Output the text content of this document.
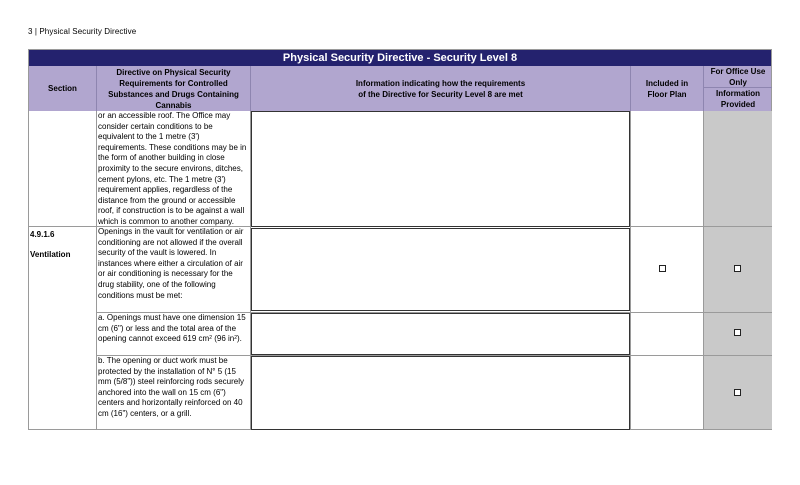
3 | Physical Security Directive
Physical Security Directive - Security Level 8
Section
Directive on Physical Security Requirements for Controlled Substances and Drugs Containing Cannabis
Information indicating how the requirements of the Directive for Security Level 8 are met
Included in Floor Plan
For Office Use Only
Information Provided
4.9.1.6
Ventilation
or an accessible roof. The Office may
consider certain conditions to be
equivalent to the 1 metre (3')
requirements. These conditions may be in
the form of another building in close
proximity to the secure environs, ditches,
cement pylons, etc. The 1 metre (3')
requirement applies, regardless of the
distance from the ground or accessible
roof, if construction is to be against a wall
which is common to another company.
Openings in the vault for ventilation or air
conditioning are not allowed if the overall
security of the vault is lowered. In
instances where either a circulation of air
or air conditioning is necessary for the
drug stability, one of the following
conditions must be met:
a. Openings must have one dimension 15
cm (6") or less and the total area of the
opening cannot exceed 619 $cm^2$ (96 $in^2$).
b. The opening or duct work must be
protected by the installation of N° 5 (15
mm (5/8")) steel reinforcing rods securely
anchored into the wall on 15 cm (6")
centers and horizontally reinforced on 40
cm (16") centers, or a grill.
